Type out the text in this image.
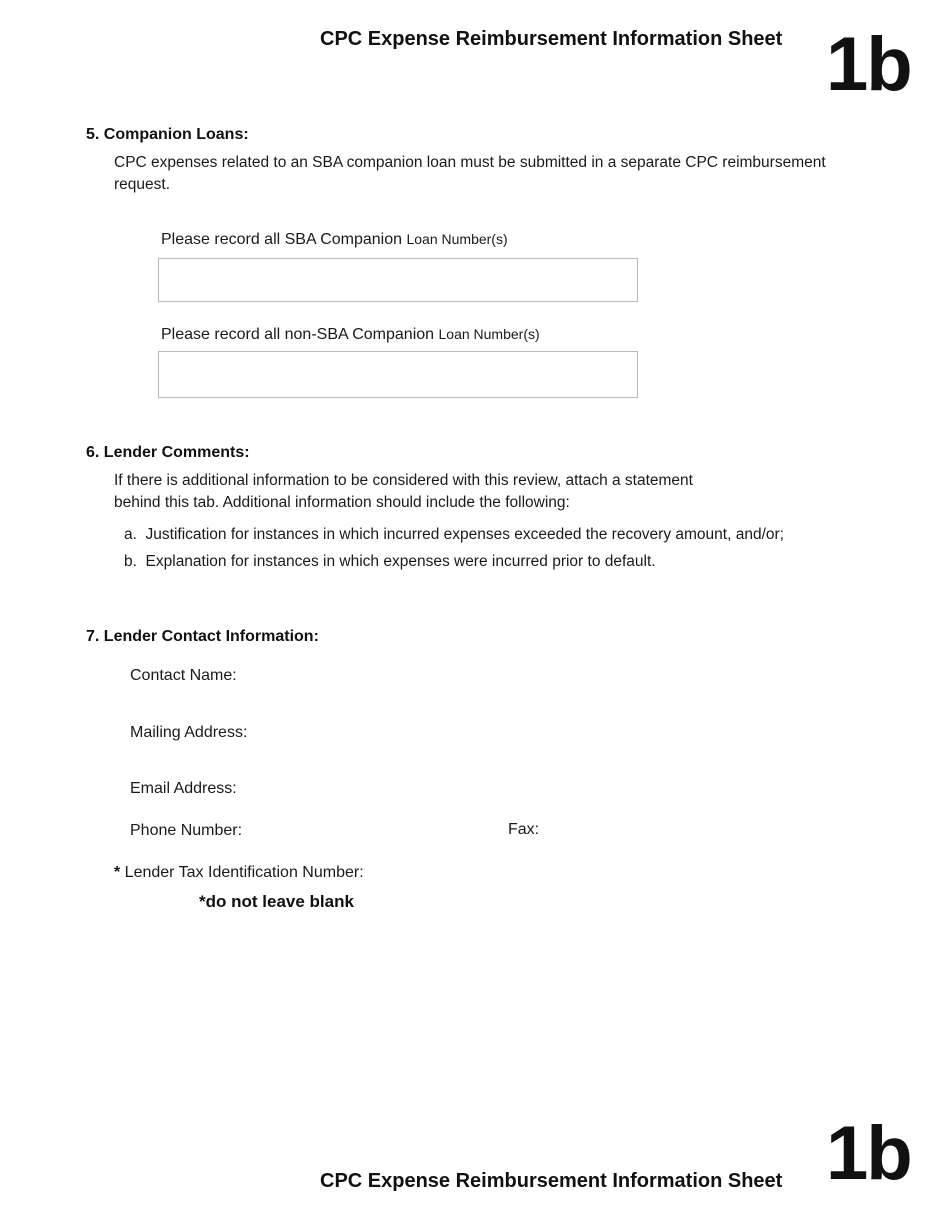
CPC Expense Reimbursement Information Sheet 1b
5. Companion Loans:
CPC expenses related to an SBA companion loan must be submitted in a separate CPC reimbursement
request.
Please record all SBA Companion Loan Number(s)
Please record all non-SBA Companion Loan Number(s)
6. Lender Comments:
If there is additional information to be considered with this review, attach a statement
behind this tab. Additional information should include the following:
a.  Justification for instances in which incurred expenses exceeded the recovery amount, and/or;
b.  Explanation for instances in which expenses were incurred prior to default.
7. Lender Contact Information:
Contact Name:
Mailing Address:
Email Address:
Phone Number:	Fax:
* Lender Tax Identification Number:
*do not leave blank
CPC Expense Reimbursement Information Sheet 1b
